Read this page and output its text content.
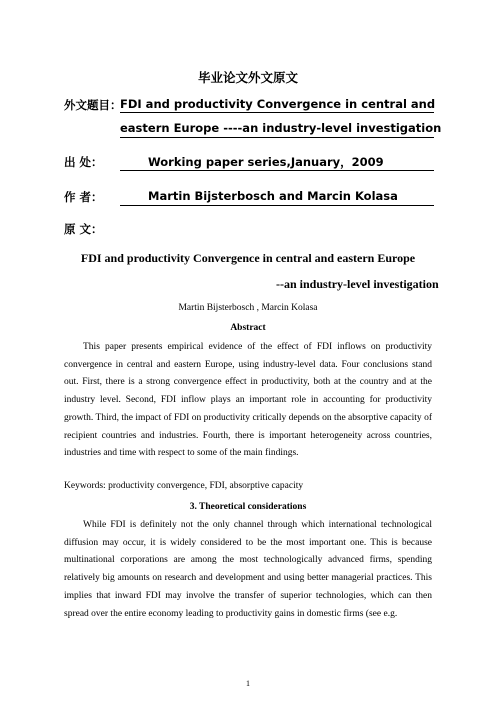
毕业论文外文原文
外文题目：
FDI and productivity Convergence in central and
eastern Europe ----an industry-level investigation
出 处：	Working paper series,January，2009
作 者：	Martin Bijsterbosch and Marcin Kolasa
原 文：
FDI and productivity Convergence in central and eastern Europe
--an industry-level investigation
Martin Bijsterbosch , Marcin Kolasa
Abstract

This paper presents empirical evidence of the effect of FDI inflows on productivity convergence in central and eastern Europe, using industry-level data. Four conclusions stand out. First, there is a strong convergence effect in productivity, both at the country and at the industry level. Second, FDI inflow plays an important role in accounting for productivity growth. Third, the impact of FDI on productivity critically depends on the absorptive capacity of recipient countries and industries. Fourth, there is important heterogeneity across countries, industries and time with respect to some of the main findings.

Keywords: productivity convergence, FDI, absorptive capacity
3. Theoretical considerations

While FDI is definitely not the only channel through which international technological diffusion may occur, it is widely considered to be the most important one. This is because multinational corporations are among the most technologically advanced firms, spending relatively big amounts on research and development and using better managerial practices. This implies that inward FDI may involve the transfer of superior technologies, which can then spread over the entire economy leading to productivity gains in domestic firms (see e.g.

1
